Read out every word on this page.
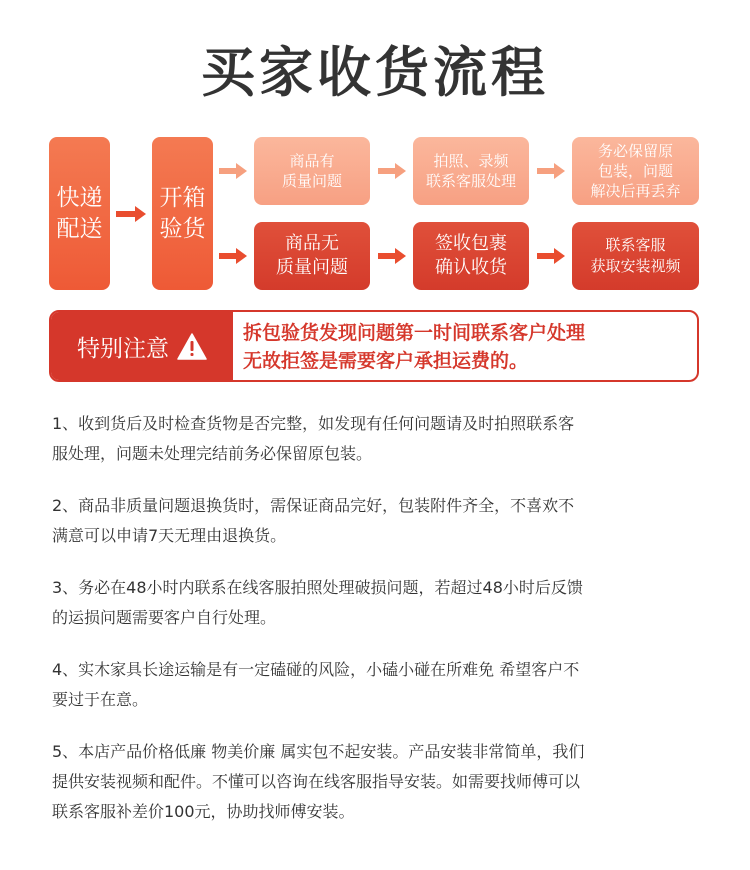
买家收货流程
快递
配送
开箱
验货
商品有
质量问题
拍照、录频
联系客服处理
务必保留原
包装，问题
解决后再丢弃
商品无
质量问题
签收包裹
确认收货
联系客服
获取安装视频
特别注意
拆包验货发现问题第一时间联系客户处理
无故拒签是需要客户承担运费的。
1、收到货后及时检查货物是否完整，如发现有任何问题请及时拍照联系客
服处理，问题未处理完结前务必保留原包装。
2、商品非质量问题退换货时，需保证商品完好，包装附件齐全，不喜欢不
满意可以申请7天无理由退换货。
3、务必在48小时内联系在线客服拍照处理破损问题，若超过48小时后反馈
的运损问题需要客户自行处理。
4、实木家具长途运输是有一定磕碰的风险，小磕小碰在所难免 希望客户不
要过于在意。
5、本店产品价格低廉 物美价廉 属实包不起安装。产品安装非常简单，我们
提供安装视频和配件。不懂可以咨询在线客服指导安装。如需要找师傅可以
联系客服补差价100元，协助找师傅安装。
